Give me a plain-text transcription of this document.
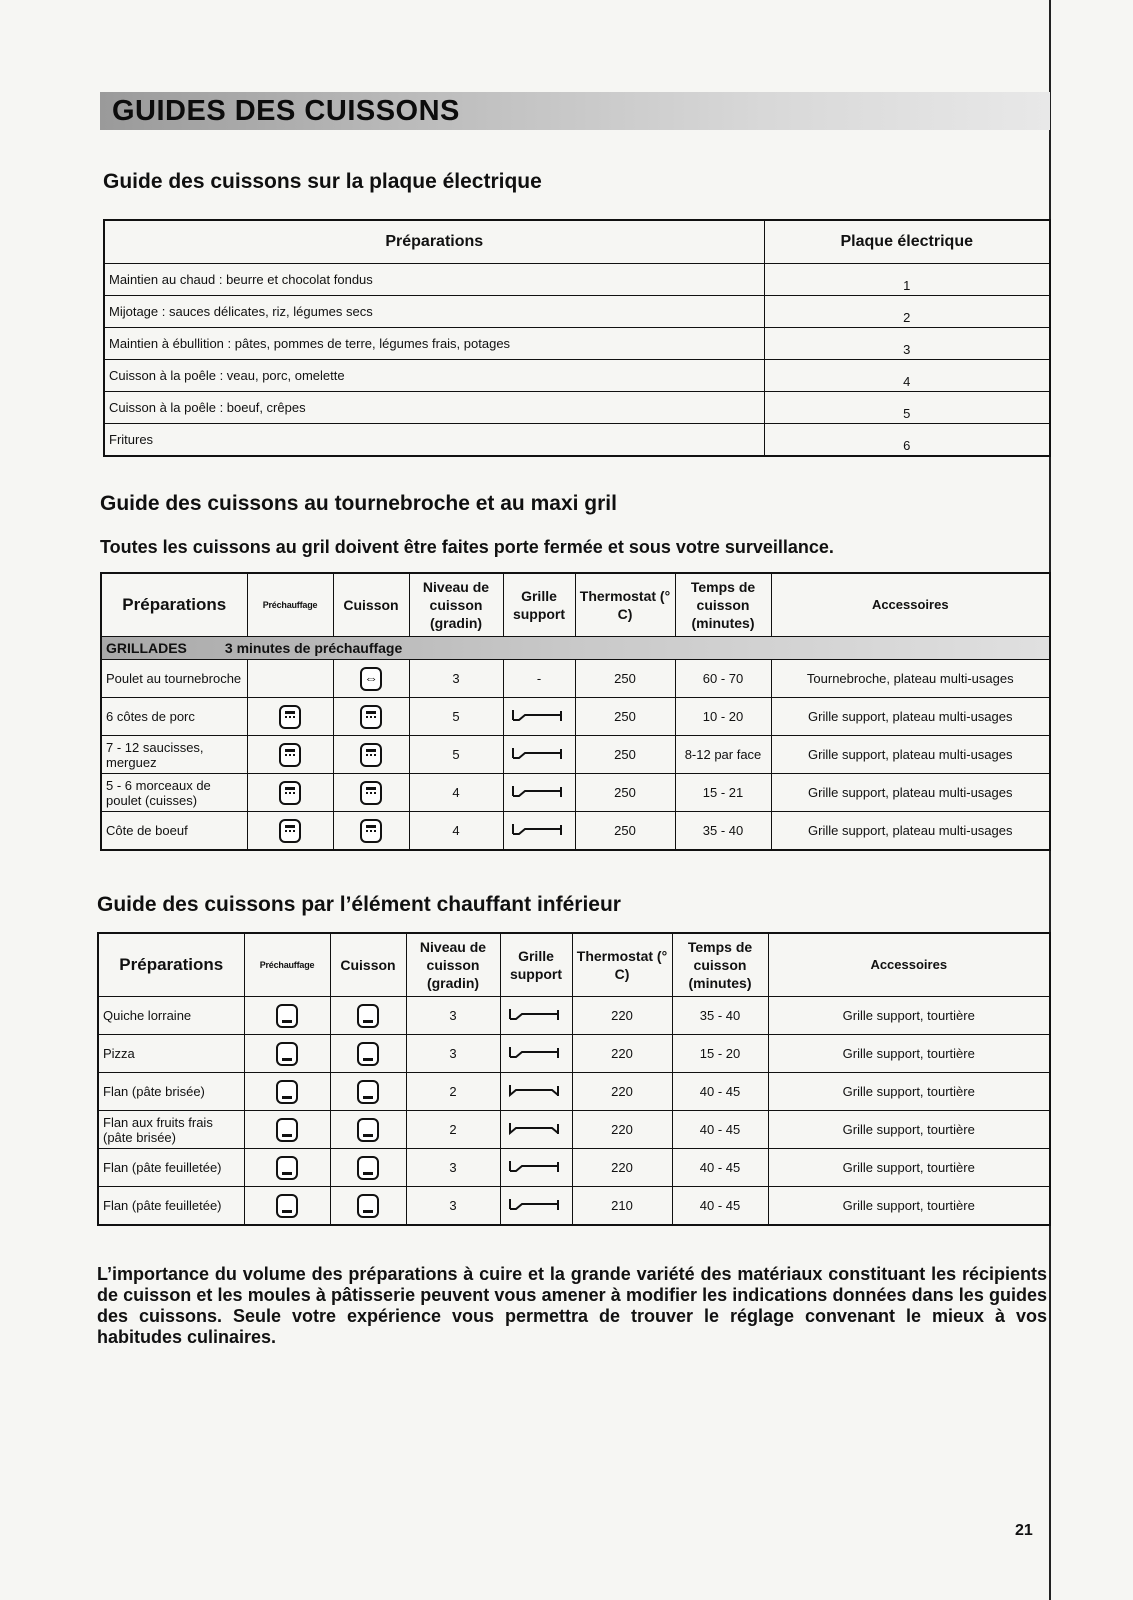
GUIDES DES CUISSONS
Guide des cuissons sur la plaque électrique
Préparations	Plaque électrique
Maintien au chaud : beurre et chocolat fondus	1
Mijotage : sauces délicates, riz, légumes secs	2
Maintien à ébullition : pâtes, pommes de terre, légumes frais, potages	3
Cuisson à la poêle : veau, porc, omelette	4
Cuisson à la poêle : boeuf, crêpes	5
Fritures	6
Guide des cuissons au tournebroche et au maxi gril

Toutes les cuissons au gril doivent être faites porte fermée et sous votre surveillance.

Préparations	Préchauffage	Cuisson	Niveau de cuisson (gradin)	Grille support	Thermostat (° C)	Temps de cuisson (minutes)	Accessoires
GRILLADES 3 minutes de préchauffage							
Poulet au tournebroche		⇔	3	-	250	60 - 70	Tournebroche, plateau multi-usages
6 côtes de porc			5		250	10 - 20	Grille support, plateau multi-usages
7 - 12 saucisses, merguez			5		250	8-12 par face	Grille support, plateau multi-usages
5 - 6 morceaux de poulet (cuisses)			4		250	15 - 21	Grille support, plateau multi-usages
Côte de boeuf			4		250	35 - 40	Grille support, plateau multi-usages
Guide des cuissons par l’élément chauffant inférieur
Préparations	Préchauffage	Cuisson	Niveau de cuisson (gradin)	Grille support	Thermostat (° C)	Temps de cuisson (minutes)	Accessoires
Quiche lorraine			3		220	35 - 40	Grille support, tourtière
Pizza			3		220	15 - 20	Grille support, tourtière
Flan (pâte brisée)			2		220	40 - 45	Grille support, tourtière
Flan aux fruits frais (pâte brisée)			2		220	40 - 45	Grille support, tourtière
Flan (pâte feuilletée)			3		220	40 - 45	Grille support, tourtière
Flan (pâte feuilletée)			3		210	40 - 45	Grille support, tourtière

L’importance du volume des préparations à cuire et la grande variété des matériaux constituant les récipients de cuisson et les moules à pâtisserie peuvent vous amener à modifier les indications données dans les guides des cuissons. Seule votre expérience vous permettra de trouver le réglage convenant le mieux à vos habitudes culinaires.

21
